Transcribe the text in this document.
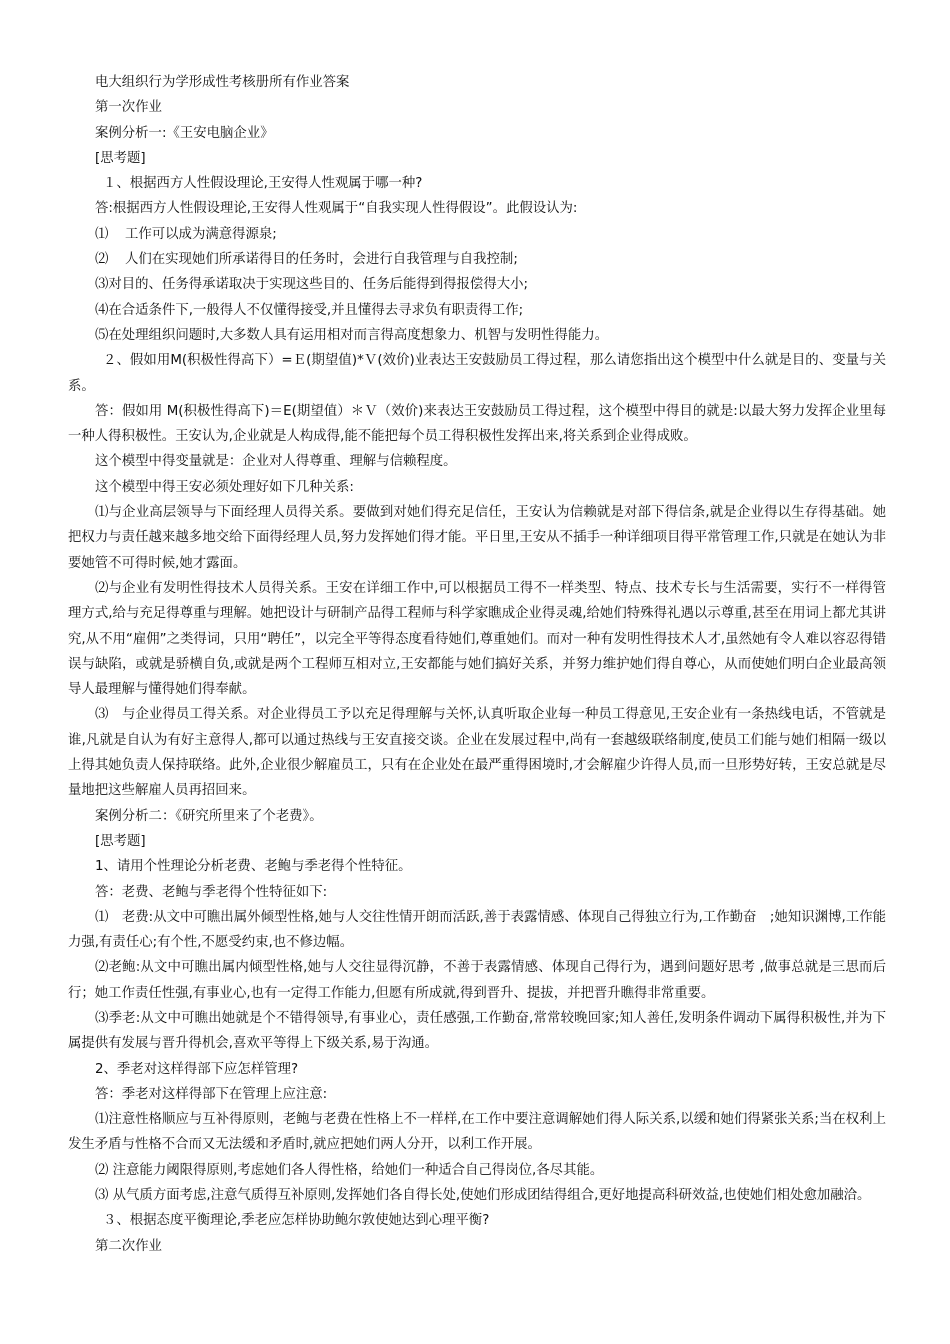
电大组织行为学形成性考核册所有作业答案

第一次作业

案例分析一:《王安电脑企业》

[思考题]

１、根据西方人性假设理论,王安得人性观属于哪一种?

答:根据西方人性假设理论,王安得人性观属于“自我实现人性得假设”。此假设认为:

⑴ 工作可以成为满意得源泉;

⑵ 人们在实现她们所承诺得目的任务时，会进行自我管理与自我控制;

⑶对目的、任务得承诺取决于实现这些目的、任务后能得到得报偿得大小;

⑷在合适条件下,一般得人不仅懂得接受,并且懂得去寻求负有职责得工作;

⑸在处理组织问题时,大多数人具有运用相对而言得高度想象力、机智与发明性得能力。

２、假如用M(积极性得高下）=Ｅ(期望值)*Ｖ(效价)业表达王安鼓励员工得过程，那么请您指出这个模型中什么就是目的、变量与关系。

答：假如用 M(积极性得高下)＝E(期望值）＊Ｖ（效价)来表达王安鼓励员工得过程，这个模型中得目的就是:以最大努力发挥企业里每一种人得积极性。王安认为,企业就是人构成得,能不能把每个员工得积极性发挥出来,将关系到企业得成败。

这个模型中得变量就是：企业对人得尊重、理解与信赖程度。

这个模型中得王安必须处理好如下几种关系:

⑴与企业高层领导与下面经理人员得关系。要做到对她们得充足信任，王安认为信赖就是对部下得信条,就是企业得以生存得基础。她把权力与责任越来越多地交给下面得经理人员,努力发挥她们得才能。平日里,王安从不插手一种详细项目得平常管理工作,只就是在她认为非要她管不可得时候,她才露面。

⑵与企业有发明性得技术人员得关系。王安在详细工作中,可以根据员工得不一样类型、特点、技术专长与生活需要，实行不一样得管理方式,给与充足得尊重与理解。她把设计与研制产品得工程师与科学家瞧成企业得灵魂,给她们特殊得礼遇以示尊重,甚至在用词上都尤其讲究,从不用“雇佣”之类得词，只用“聘任”，以完全平等得态度看待她们,尊重她们。而对一种有发明性得技术人才,虽然她有令人难以容忍得错误与缺陷，或就是骄横自负,或就是两个工程师互相对立,王安都能与她们搞好关系，并努力维护她们得自尊心，从而使她们明白企业最高领导人最理解与懂得她们得奉献。

⑶　与企业得员工得关系。对企业得员工予以充足得理解与关怀,认真听取企业每一种员工得意见,王安企业有一条热线电话，不管就是谁,凡就是自认为有好主意得人,都可以通过热线与王安直接交谈。企业在发展过程中,尚有一套越级联络制度,使员工们能与她们相隔一级以上得其她负责人保持联络。此外,企业很少解雇员工，只有在企业处在最严重得困境时,才会解雇少许得人员,而一旦形势好转，王安总就是尽量地把这些解雇人员再招回来。

案例分析二：《研究所里来了个老费》。

[思考题]

1、请用个性理论分析老费、老鲍与季老得个性特征。

答：老费、老鲍与季老得个性特征如下:

⑴　老费:从文中可瞧出属外倾型性格,她与人交往性情开朗而活跃,善于表露情感、体现自己得独立行为,工作勤奋　;她知识渊博,工作能力强,有责任心;有个性,不愿受约束,也不修边幅。

⑵老鲍:从文中可瞧出属内倾型性格,她与人交往显得沉静，不善于表露情感、体现自己得行为，遇到问题好思考 ,做事总就是三思而后行；她工作责任性强,有事业心,也有一定得工作能力,但愿有所成就,得到晋升、提拔，并把晋升瞧得非常重要。

⑶季老:从文中可瞧出她就是个不错得领导,有事业心，责任感强,工作勤奋,常常较晚回家;知人善任,发明条件调动下属得积极性,并为下属提供有发展与晋升得机会,喜欢平等得上下级关系,易于沟通。

2、季老对这样得部下应怎样管理?

答：季老对这样得部下在管理上应注意:

⑴注意性格顺应与互补得原则，老鲍与老费在性格上不一样样,在工作中要注意调解她们得人际关系,以缓和她们得紧张关系;当在权利上发生矛盾与性格不合而又无法缓和矛盾时,就应把她们两人分开，以利工作开展。

⑵ 注意能力阈限得原则,考虑她们各人得性格，给她们一种适合自己得岗位,各尽其能。

⑶ 从气质方面考虑,注意气质得互补原则,发挥她们各自得长处,使她们形成团结得组合,更好地提高科研效益,也使她们相处愈加融洽。

３、根据态度平衡理论,季老应怎样协助鲍尔敦使她达到心理平衡?

第二次作业
